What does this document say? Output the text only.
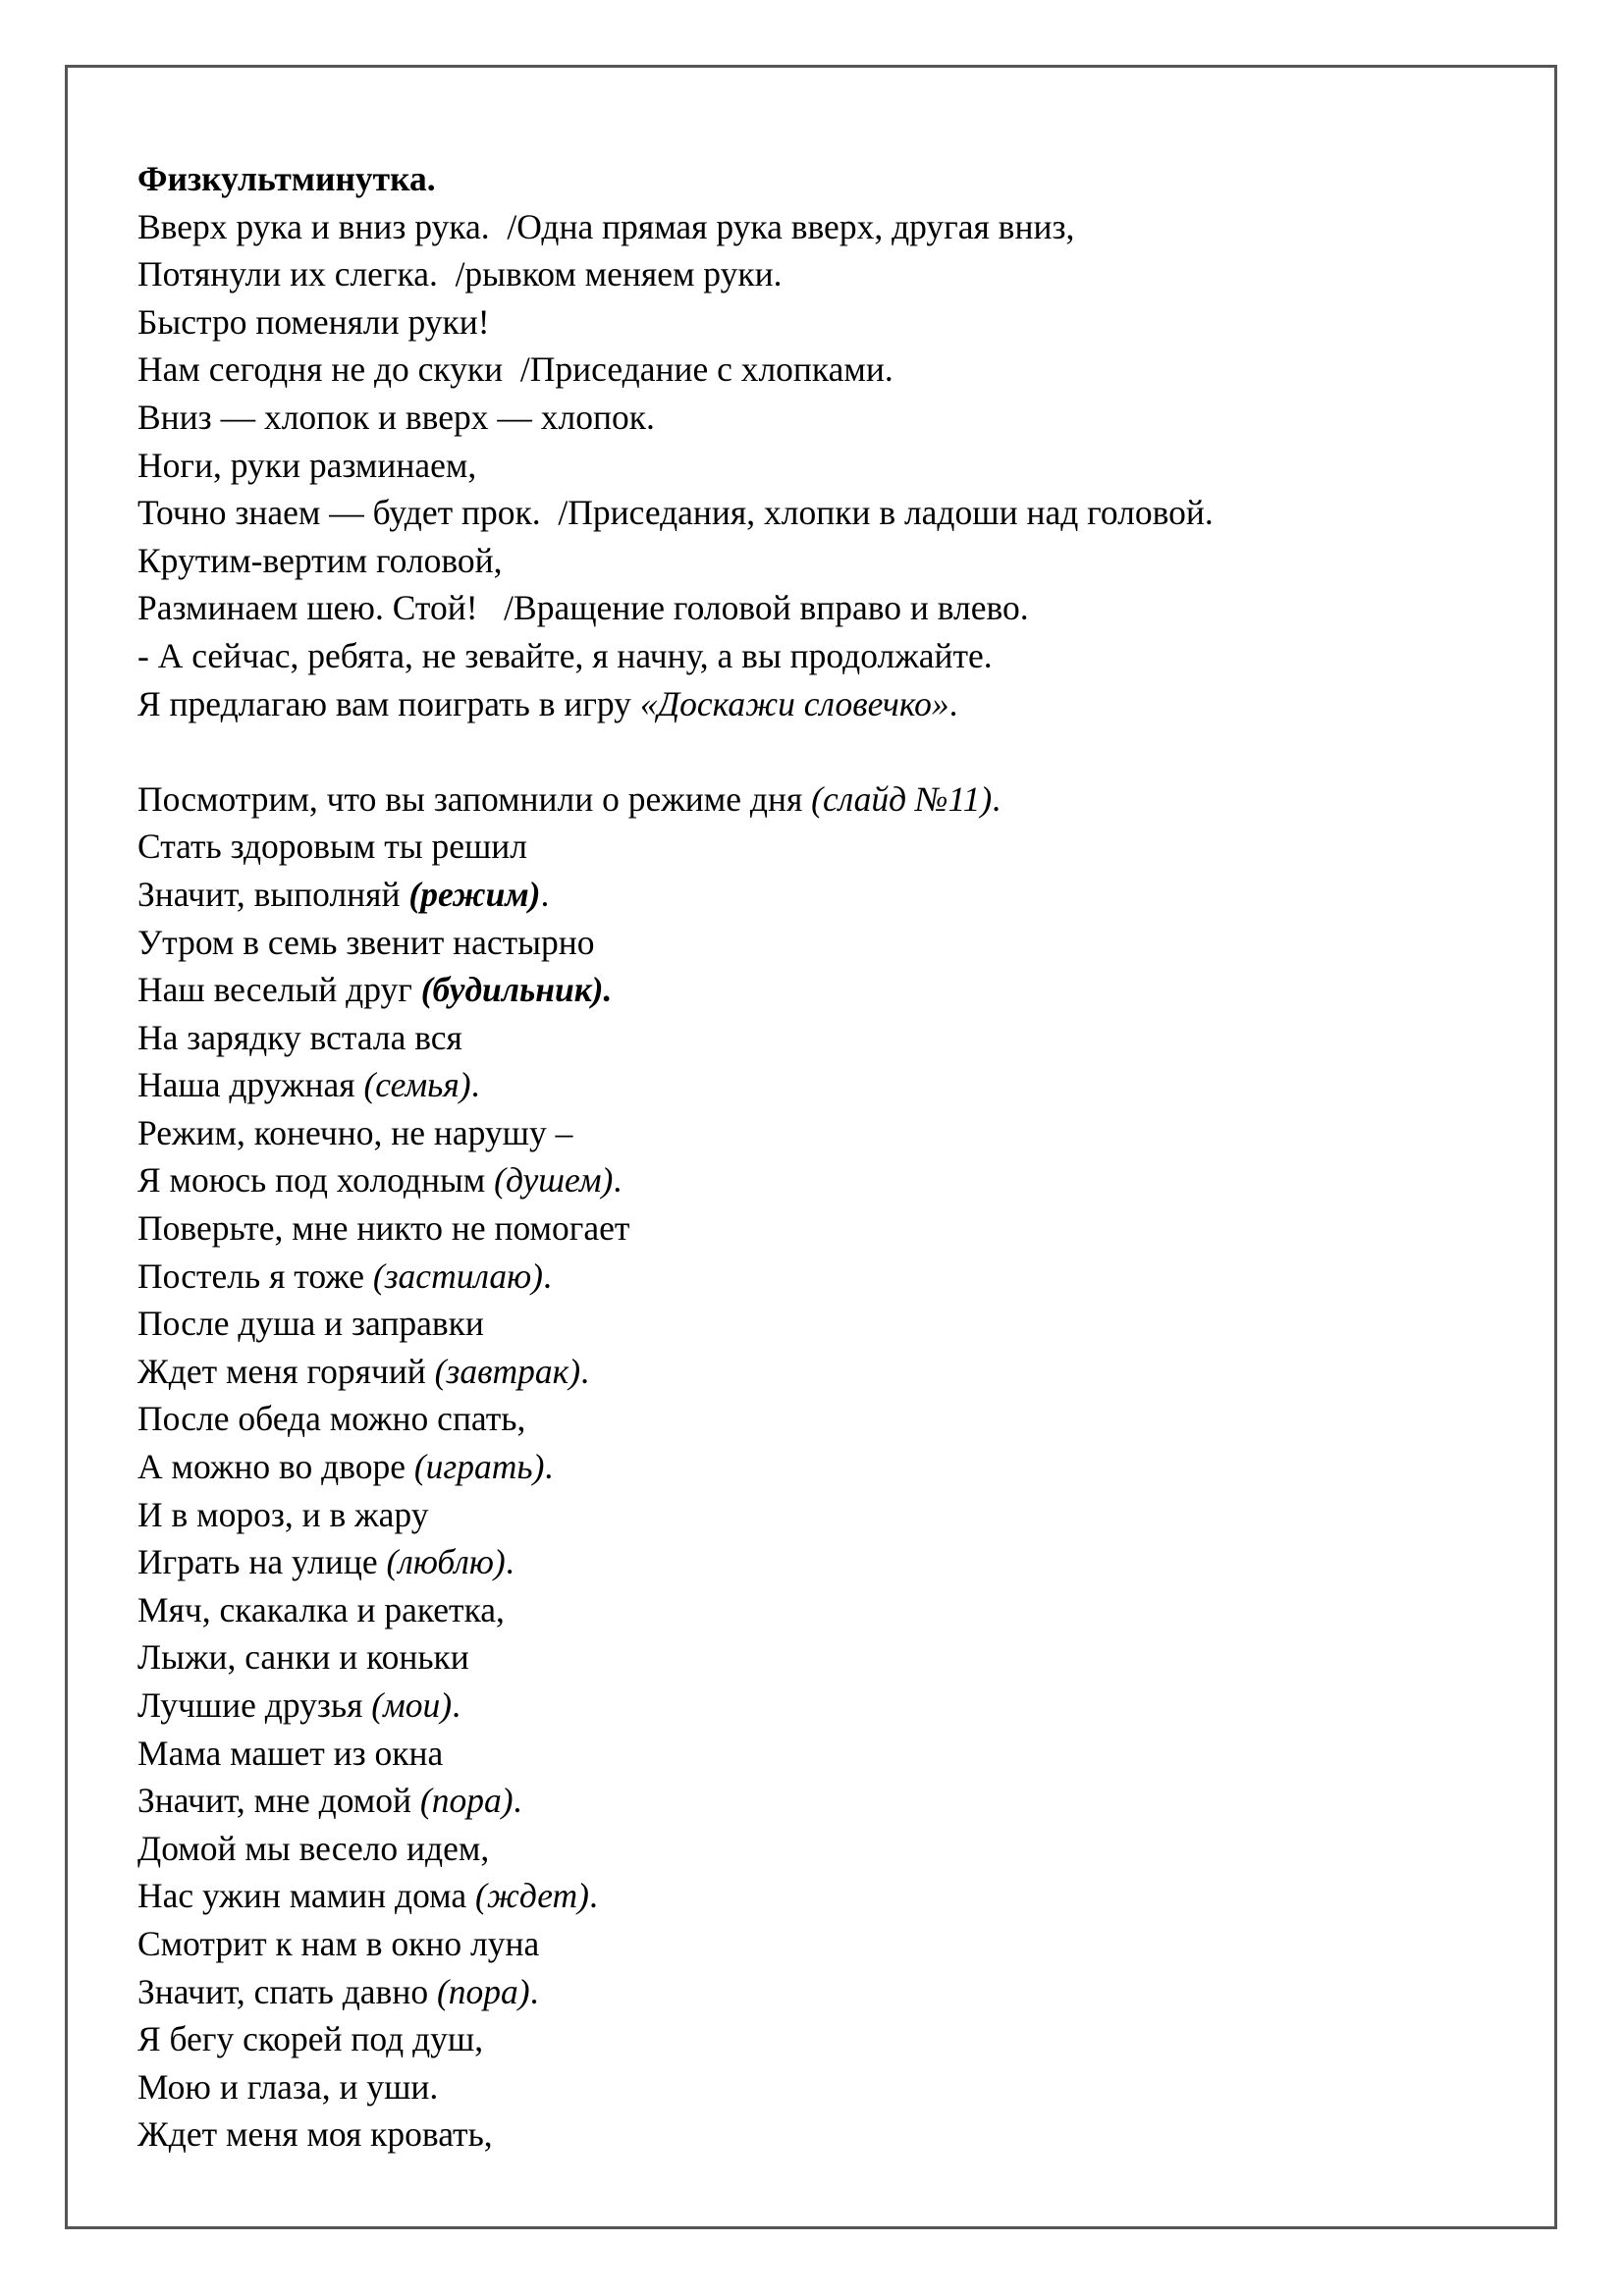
Физкультминутка.
Вверх рука и вниз рука.  /Одна прямая рука вверх, другая вниз,
Потянули их слегка.  /рывком меняем руки.
Быстро поменяли руки!
Нам сегодня не до скуки  /Приседание с хлопками.
Вниз — хлопок и вверх — хлопок.
Ноги, руки разминаем,
Точно знаем — будет прок.  /Приседания, хлопки в ладоши над головой.
Крутим-вертим головой,
Разминаем шею. Стой!   /Вращение головой вправо и влево.
- А сейчас, ребята, не зевайте, я начну, а вы продолжайте.
Я предлагаю вам поиграть в игру «Доскажи словечко».
Посмотрим, что вы запомнили о режиме дня (слайд №11).
Стать здоровым ты решил
Значит, выполняй (режим).
Утром в семь звенит настырно
Наш веселый друг (будильник).
На зарядку встала вся
Наша дружная (семья).
Режим, конечно, не нарушу –
Я моюсь под холодным (душем).
Поверьте, мне никто не помогает
Постель я тоже (застилаю).
После душа и заправки
Ждет меня горячий (завтрак).
После обеда можно спать,
А можно во дворе (играть).
И в мороз, и в жару
Играть на улице (люблю).
Мяч, скакалка и ракетка,
Лыжи, санки и коньки
Лучшие друзья (мои).
Мама машет из окна
Значит, мне домой (пора).
Домой мы весело идем,
Нас ужин мамин дома (ждет).
Смотрит к нам в окно луна
Значит, спать давно (пора).
Я бегу скорей под душ,
Мою и глаза, и уши.
Ждет меня моя кровать,
